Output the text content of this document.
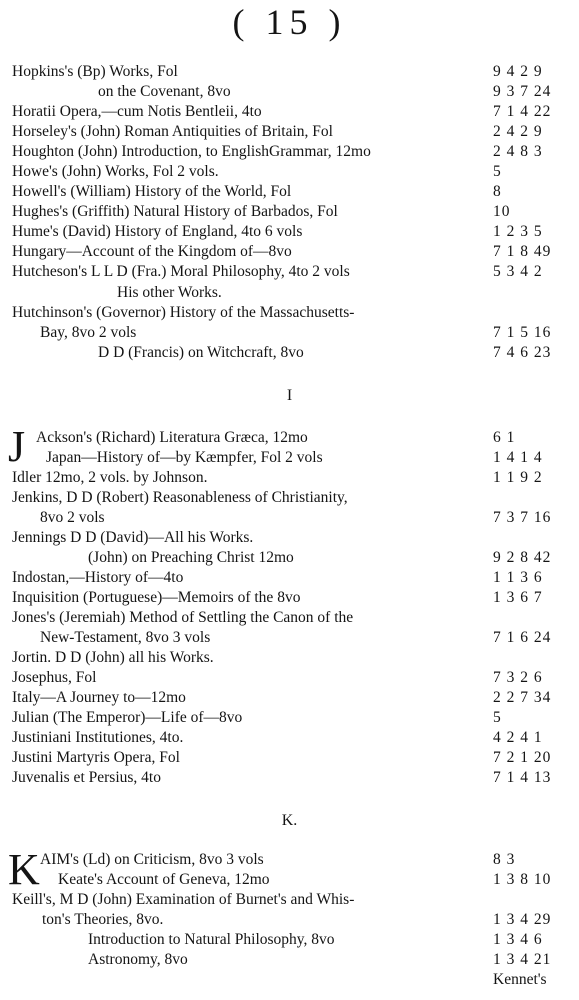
( 15 )
I
J
K.
K
Hopkins's (Bp) Works, Fol	9 4 2 9
on the Covenant, 8vo	9 3 7 24
Horatii Opera,—cum Notis Bentleii, 4to	7 1 4 22
Horseley's (John) Roman Antiquities of Britain, Fol	2 4 2 9
Houghton (John) Introduction, to EnglishGrammar, 12mo	2 4 8 3
Howe's (John) Works, Fol 2 vols.	5
Howell's (William) History of the World, Fol	8
Hughes's (Griffith) Natural History of Barbados, Fol	10
Hume's (David) History of England, 4to 6 vols	1 2 3 5
Hungary—Account of the Kingdom of—8vo	7 1 8 49
Hutcheson's L L D (Fra.) Moral Philosophy, 4to 2 vols	5 3 4 2
His other Works.
Hutchinson's (Governor) History of the Massachusetts-
Bay, 8vo 2 vols	7 1 5 16
D D (Francis) on Witchcraft, 8vo	7 4 6 23
Ackson's (Richard) Literatura Græca, 12mo	6 1
Japan—History of—by Kæmpfer, Fol 2 vols	1 4 1 4
Idler 12mo, 2 vols. by Johnson.	1 1 9 2
Jenkins, D D (Robert) Reasonableness of Christianity,
8vo 2 vols	7 3 7 16
Jennings D D (David)—All his Works.
(John) on Preaching Christ 12mo	9 2 8 42
Indostan,—History of—4to	1 1 3 6
Inquisition (Portuguese)—Memoirs of the 8vo	1 3 6 7
Jones's (Jeremiah) Method of Settling the Canon of the
New-Testament, 8vo 3 vols	7 1 6 24
Jortin. D D (John) all his Works.
Josephus, Fol	7 3 2 6
Italy—A Journey to—12mo	2 2 7 34
Julian (The Emperor)—Life of—8vo	5
Justiniani Institutiones, 4to.	4 2 4 1
Justini Martyris Opera, Fol	7 2 1 20
Juvenalis et Persius, 4to	7 1 4 13
AIM's (Ld) on Criticism, 8vo 3 vols	8 3
Keate's Account of Geneva, 12mo	1 3 8 10
Keill's, M D (John) Examination of Burnet's and Whis-
ton's Theories, 8vo.	1 3 4 29
Introduction to Natural Philosophy, 8vo	1 3 4 6
Astronomy, 8vo	1 3 4 21
Kennet's
